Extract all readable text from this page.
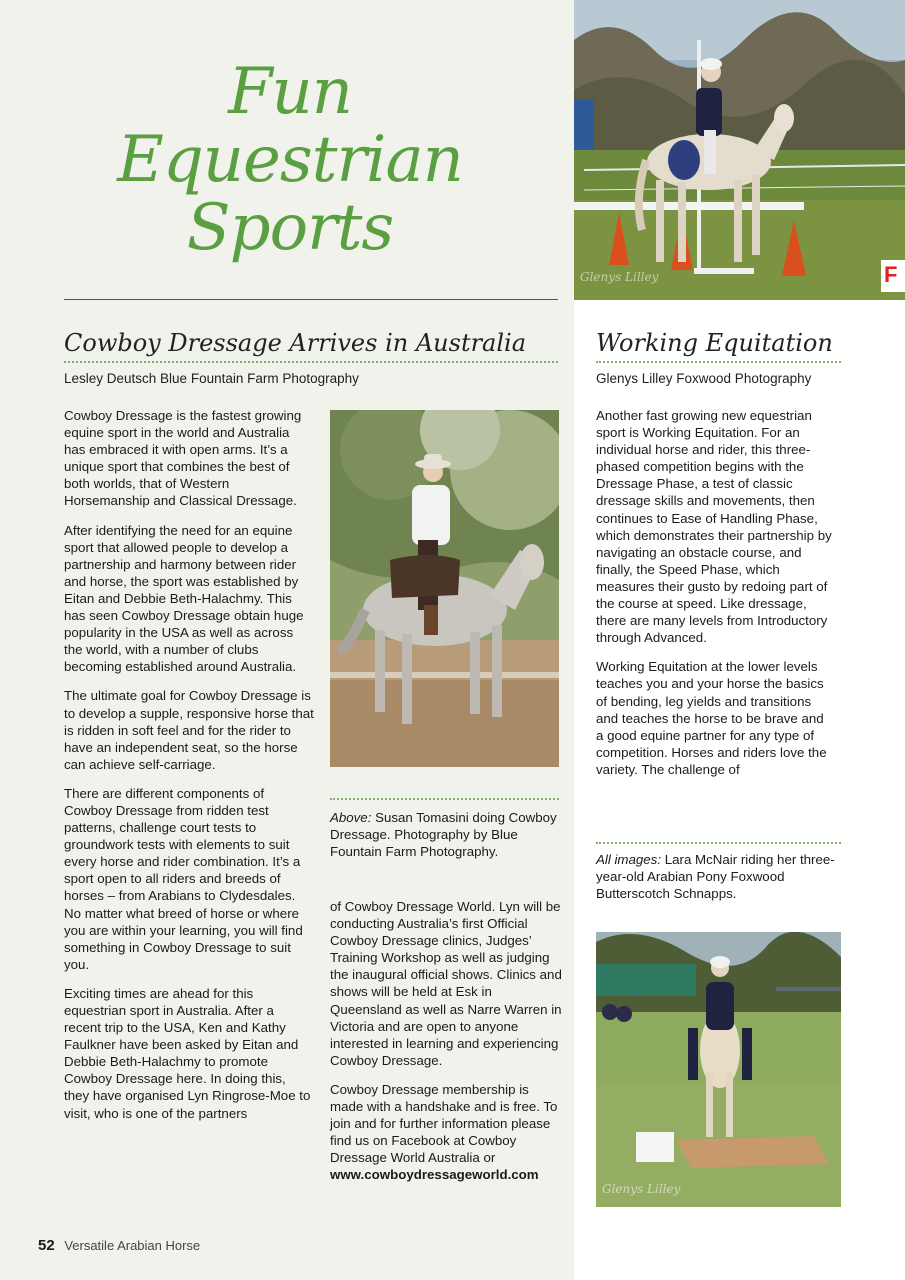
Fun
Equestrian
Sports
F
Glenys Lilley
Cowboy Dressage Arrives in Australia
Lesley Deutsch Blue Fountain Farm Photography

Cowboy Dressage is the fastest growing equine sport in the world and Australia has embraced it with open arms. It’s a unique sport that combines the best of both worlds, that of Western Horsemanship and Classical Dressage.

After identifying the need for an equine sport that allowed people to develop a partnership and harmony between rider and horse, the sport was established by Eitan and Debbie Beth-Halachmy. This has seen Cowboy Dressage obtain huge popularity in the USA as well as across the world, with a number of clubs becoming established around Australia.

The ultimate goal for Cowboy Dressage is to develop a supple, responsive horse that is ridden in soft feel and for the rider to have an independent seat, so the horse can achieve self-carriage.

There are different components of Cowboy Dressage from ridden test patterns, challenge court tests to groundwork tests with elements to suit every horse and rider combination. It’s a sport open to all riders and breeds of horses – from Arabians to Clydesdales. No matter what breed of horse or where you are within your learning, you will find something in Cowboy Dressage to suit you.

Exciting times are ahead for this equestrian sport in Australia. After a recent trip to the USA, Ken and Kathy Faulkner have been asked by Eitan and Debbie Beth-Halachmy to promote Cowboy Dressage here. In doing this, they have organised Lyn Ringrose-Moe to visit, who is one of the partners

Above: Susan Tomasini doing Cowboy Dressage. Photography by Blue Fountain Farm Photography.

of Cowboy Dressage World. Lyn will be conducting Australia’s first Official Cowboy Dressage clinics, Judges’ Training Workshop as well as judging the inaugural official shows. Clinics and shows will be held at Esk in Queensland as well as Narre Warren in Victoria and are open to anyone interested in learning and experiencing Cowboy Dressage.

Cowboy Dressage membership is made with a handshake and is free. To join and for further information please find us on Facebook at Cowboy Dressage World Australia or www.cowboydressageworld.com

Working Equitation
Glenys Lilley Foxwood Photography

Another fast growing new equestrian sport is Working Equitation. For an individual horse and rider, this three-phased competition begins with the Dressage Phase, a test of classic dressage skills and movements, then continues to Ease of Handling Phase, which demonstrates their partnership by navigating an obstacle course, and finally, the Speed Phase, which measures their gusto by redoing part of the course at speed. Like dressage, there are many levels from Introductory through Advanced.

Working Equitation at the lower levels teaches you and your horse the basics of bending, leg yields and transitions and teaches the horse to be brave and a good equine partner for any type of competition. Horses and riders love the variety. The challenge of

All images: Lara McNair riding her three-year-old Arabian Pony Foxwood Butterscotch Schnapps.
Glenys Lilley
52 Versatile Arabian Horse
